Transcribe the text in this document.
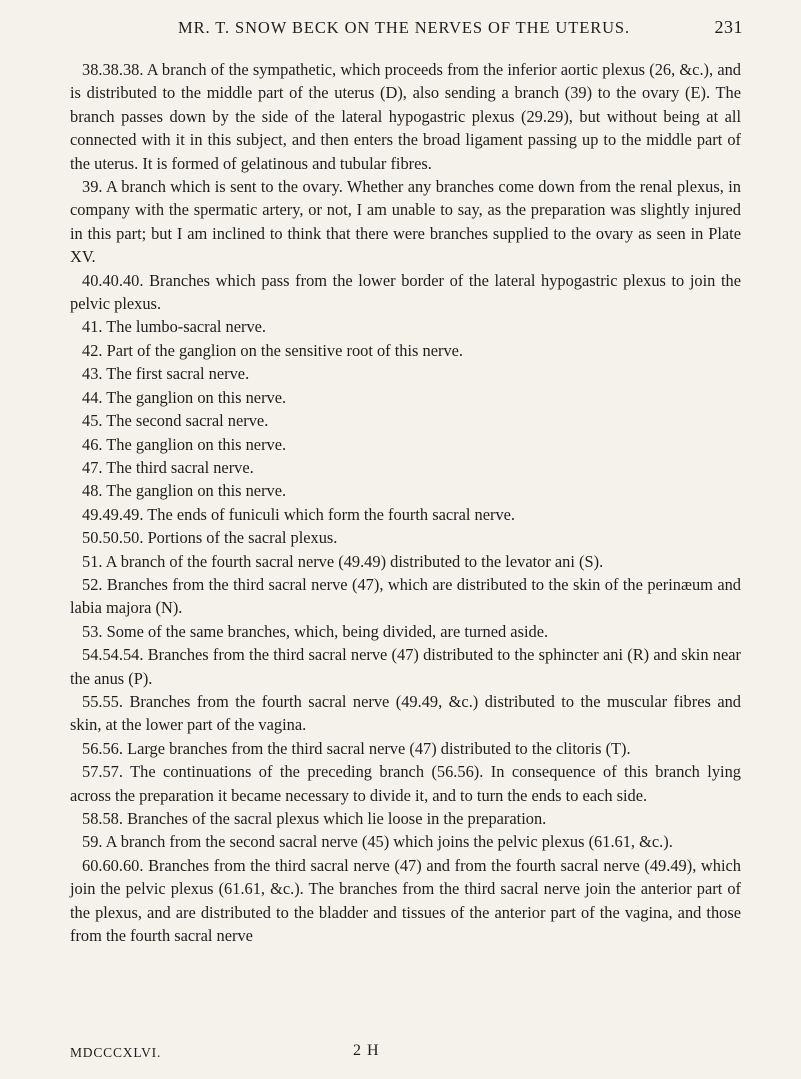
MR. T. SNOW BECK ON THE NERVES OF THE UTERUS.	231

38.38.38. A branch of the sympathetic, which proceeds from the inferior aortic plexus (26, &c.), and is distributed to the middle part of the uterus (D), also sending a branch (39) to the ovary (E). The branch passes down by the side of the lateral hypogastric plexus (29.29), but without being at all connected with it in this subject, and then enters the broad ligament passing up to the middle part of the uterus. It is formed of gelatinous and tubular fibres.

39. A branch which is sent to the ovary. Whether any branches come down from the renal plexus, in company with the spermatic artery, or not, I am unable to say, as the preparation was slightly injured in this part; but I am inclined to think that there were branches supplied to the ovary as seen in Plate XV.

40.40.40. Branches which pass from the lower border of the lateral hypogastric plexus to join the pelvic plexus.

41. The lumbo-sacral nerve.

42. Part of the ganglion on the sensitive root of this nerve.

43. The first sacral nerve.

44. The ganglion on this nerve.

45. The second sacral nerve.

46. The ganglion on this nerve.

47. The third sacral nerve.

48. The ganglion on this nerve.

49.49.49. The ends of funiculi which form the fourth sacral nerve.

50.50.50. Portions of the sacral plexus.

51. A branch of the fourth sacral nerve (49.49) distributed to the levator ani (S).

52. Branches from the third sacral nerve (47), which are distributed to the skin of the perinæum and labia majora (N).

53. Some of the same branches, which, being divided, are turned aside.

54.54.54. Branches from the third sacral nerve (47) distributed to the sphincter ani (R) and skin near the anus (P).

55.55. Branches from the fourth sacral nerve (49.49, &c.) distributed to the muscular fibres and skin, at the lower part of the vagina.

56.56. Large branches from the third sacral nerve (47) distributed to the clitoris (T).

57.57. The continuations of the preceding branch (56.56). In consequence of this branch lying across the preparation it became necessary to divide it, and to turn the ends to each side.

58.58. Branches of the sacral plexus which lie loose in the preparation.

59. A branch from the second sacral nerve (45) which joins the pelvic plexus (61.61, &c.).

60.60.60. Branches from the third sacral nerve (47) and from the fourth sacral nerve (49.49), which join the pelvic plexus (61.61, &c.). The branches from the third sacral nerve join the anterior part of the plexus, and are distributed to the bladder and tissues of the anterior part of the vagina, and those from the fourth sacral nerve

MDCCCXLVI.	2 H
